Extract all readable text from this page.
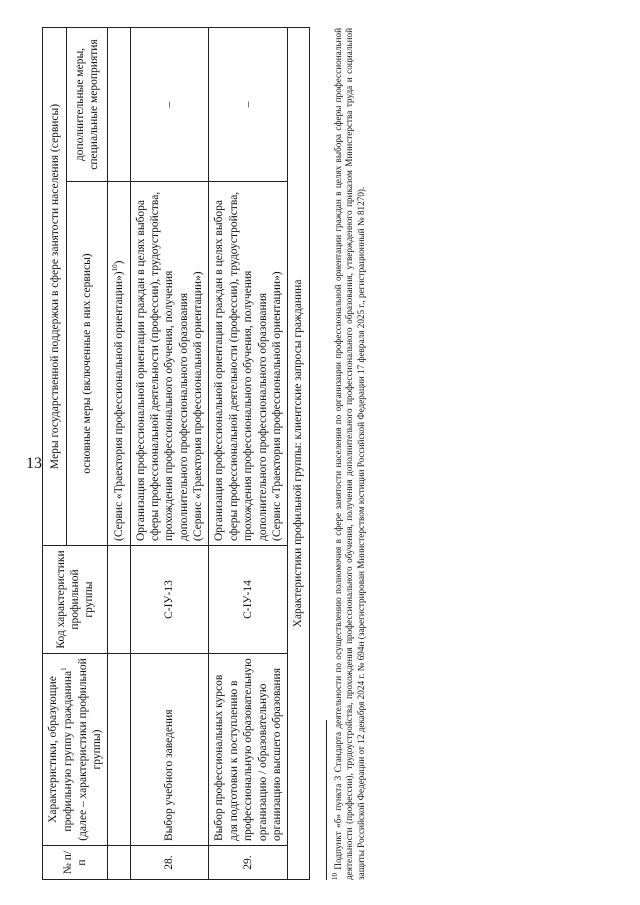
13
№ п/п	Характеристики, образующие профильную группу гражданина$^1$ (далее – характеристики профильной группы)	Код характеристики профильной группы	Меры государственной поддержки в сфере занятости населения (сервисы)	
			основные меры (включенные в них сервисы)	дополнительные меры, специальные мероприятия
			(Сервис «Траектория профессиональной ориентации»)$^{10}$)	
28.	Выбор учебного заведения	С-IУ-13	Организация профессиональной ориентации граждан в целях выбора сферы профессиональной деятельности (профессии), трудоустройства, прохождения профессионального обучения, получения дополнительного профессионального образования (Сервис «Траектория профессиональной ориентации»)	–
29.	Выбор профессиональных курсов для подготовки к поступлению в профессиональную образовательную организацию / образовательную организацию высшего образования	С-IУ-14	Организация профессиональной ориентации граждан в целях выбора сферы профессиональной деятельности (профессии), трудоустройства, прохождения профессионального обучения, получения дополнительного профессионального образования (Сервис «Траектория профессиональной ориентации»)	–
Характеристики профильной группы: клиентские запросы гражданина				
$^{10}$ Подпункт «б» пункта 3 Стандарта деятельности по осуществлению полномочия в сфере занятости населения по организации профессиональной ориентации граждан в целях выбора сферы профессиональной деятельности (профессии), трудоустройства, прохождения профессионального обучения, получения дополнительного профессионального образования, утвержденного приказом Министерства труда и социальной защиты Российской Федерации от 12 декабря 2024 г. № 694н (зарегистрирован Министерством юстиции Российской Федерации 17 февраля 2025 г., регистрационный № 81270).
